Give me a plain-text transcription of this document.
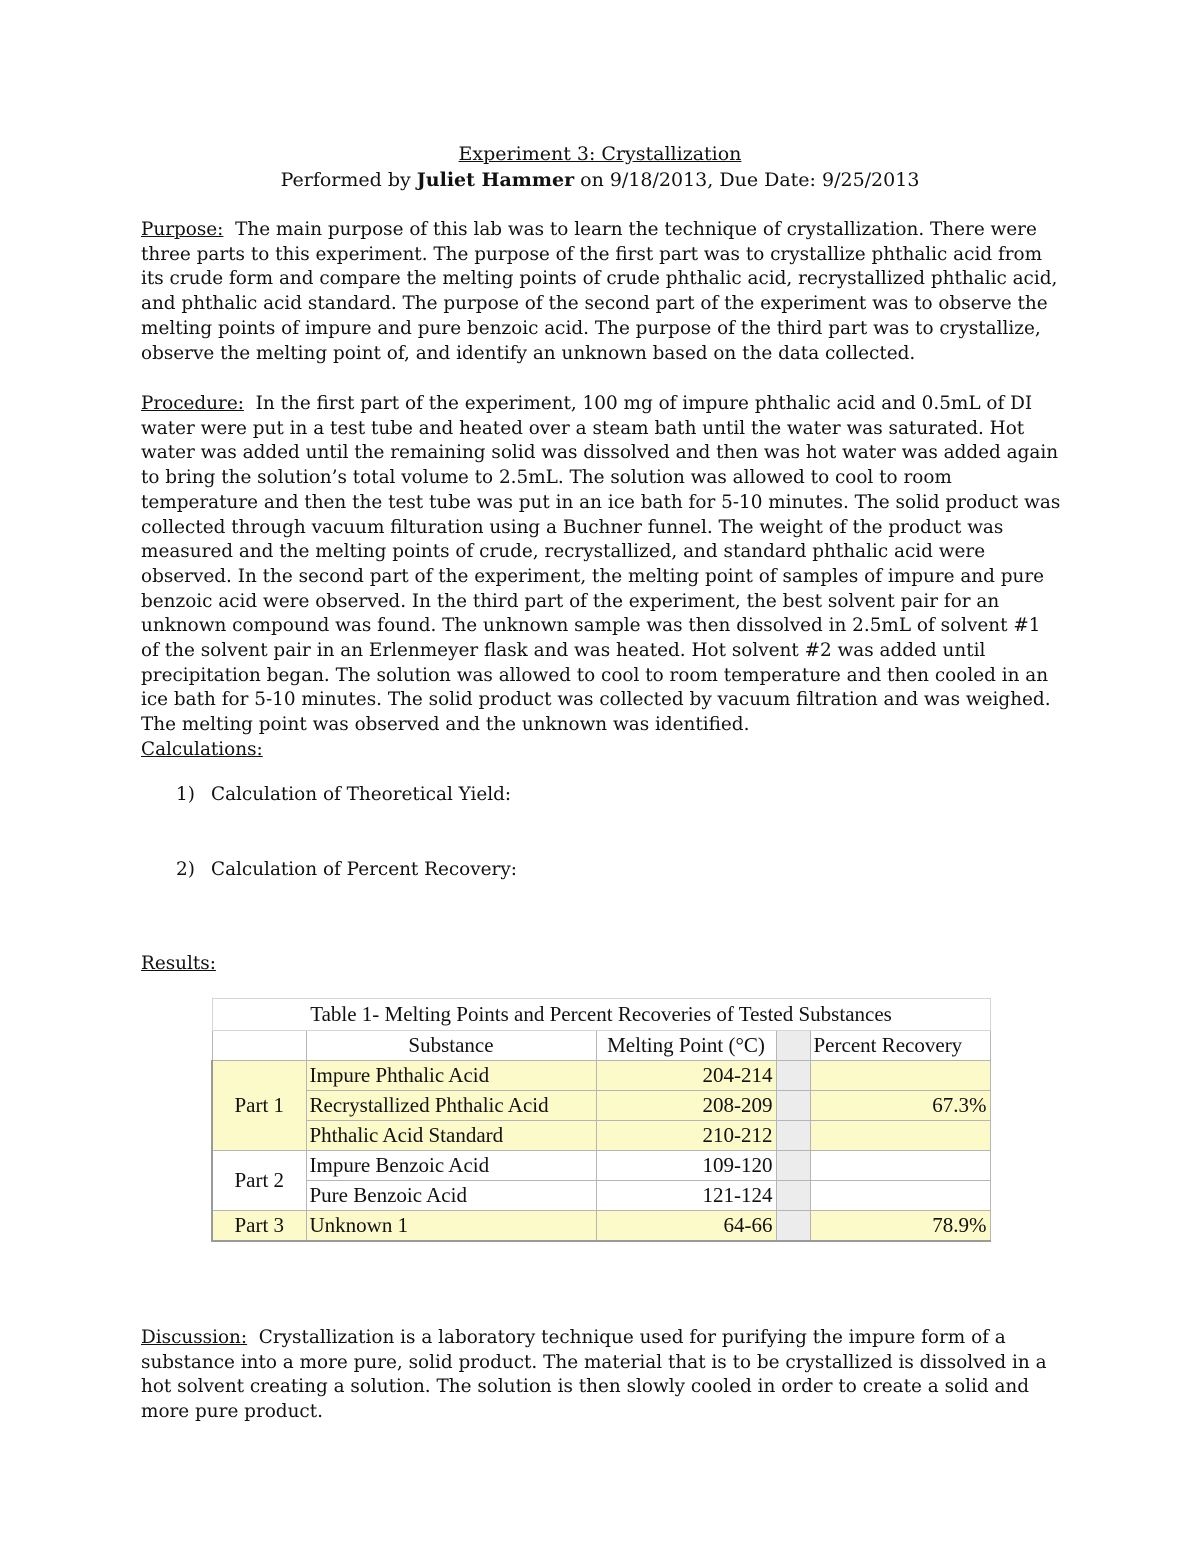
Experiment 3: Crystallization
Performed by Juliet Hammer on 9/18/2013, Due Date: 9/25/2013
Purpose: The main purpose of this lab was to learn the technique of crystallization. There were three parts to this experiment. The purpose of the first part was to crystallize phthalic acid from its crude form and compare the melting points of crude phthalic acid, recrystallized phthalic acid, and phthalic acid standard. The purpose of the second part of the experiment was to observe the melting points of impure and pure benzoic acid. The purpose of the third part was to crystallize, observe the melting point of, and identify an unknown based on the data collected.
Procedure: In the first part of the experiment, 100 mg of impure phthalic acid and 0.5mL of DI water were put in a test tube and heated over a steam bath until the water was saturated. Hot water was added until the remaining solid was dissolved and then was hot water was added again to bring the solution’s total volume to 2.5mL. The solution was allowed to cool to room temperature and then the test tube was put in an ice bath for 5-10 minutes. The solid product was collected through vacuum filturation using a Buchner funnel. The weight of the product was measured and the melting points of crude, recrystallized, and standard phthalic acid were observed. In the second part of the experiment, the melting point of samples of impure and pure benzoic acid were observed. In the third part of the experiment, the best solvent pair for an unknown compound was found. The unknown sample was then dissolved in 2.5mL of solvent #1 of the solvent pair in an Erlenmeyer flask and was heated. Hot solvent #2 was added until precipitation began. The solution was allowed to cool to room temperature and then cooled in an ice bath for 5-10 minutes. The solid product was collected by vacuum filtration and was weighed. The melting point was observed and the unknown was identified.
Calculations:
1) Calculation of Theoretical Yield:
2) Calculation of Percent Recovery:
Results:
Table 1- Melting Points and Percent Recoveries of Tested Substances				
	Substance	Melting Point (°C)		Percent Recovery
Part 1	Impure Phthalic Acid	204-214		
	Recrystallized Phthalic Acid	208-209		67.3%
	Phthalic Acid Standard	210-212		
Part 2	Impure Benzoic Acid	109-120		
	Pure Benzoic Acid	121-124		
Part 3	Unknown 1	64-66		78.9%
Discussion: Crystallization is a laboratory technique used for purifying the impure form of a substance into a more pure, solid product. The material that is to be crystallized is dissolved in a hot solvent creating a solution. The solution is then slowly cooled in order to create a solid and more pure product.
